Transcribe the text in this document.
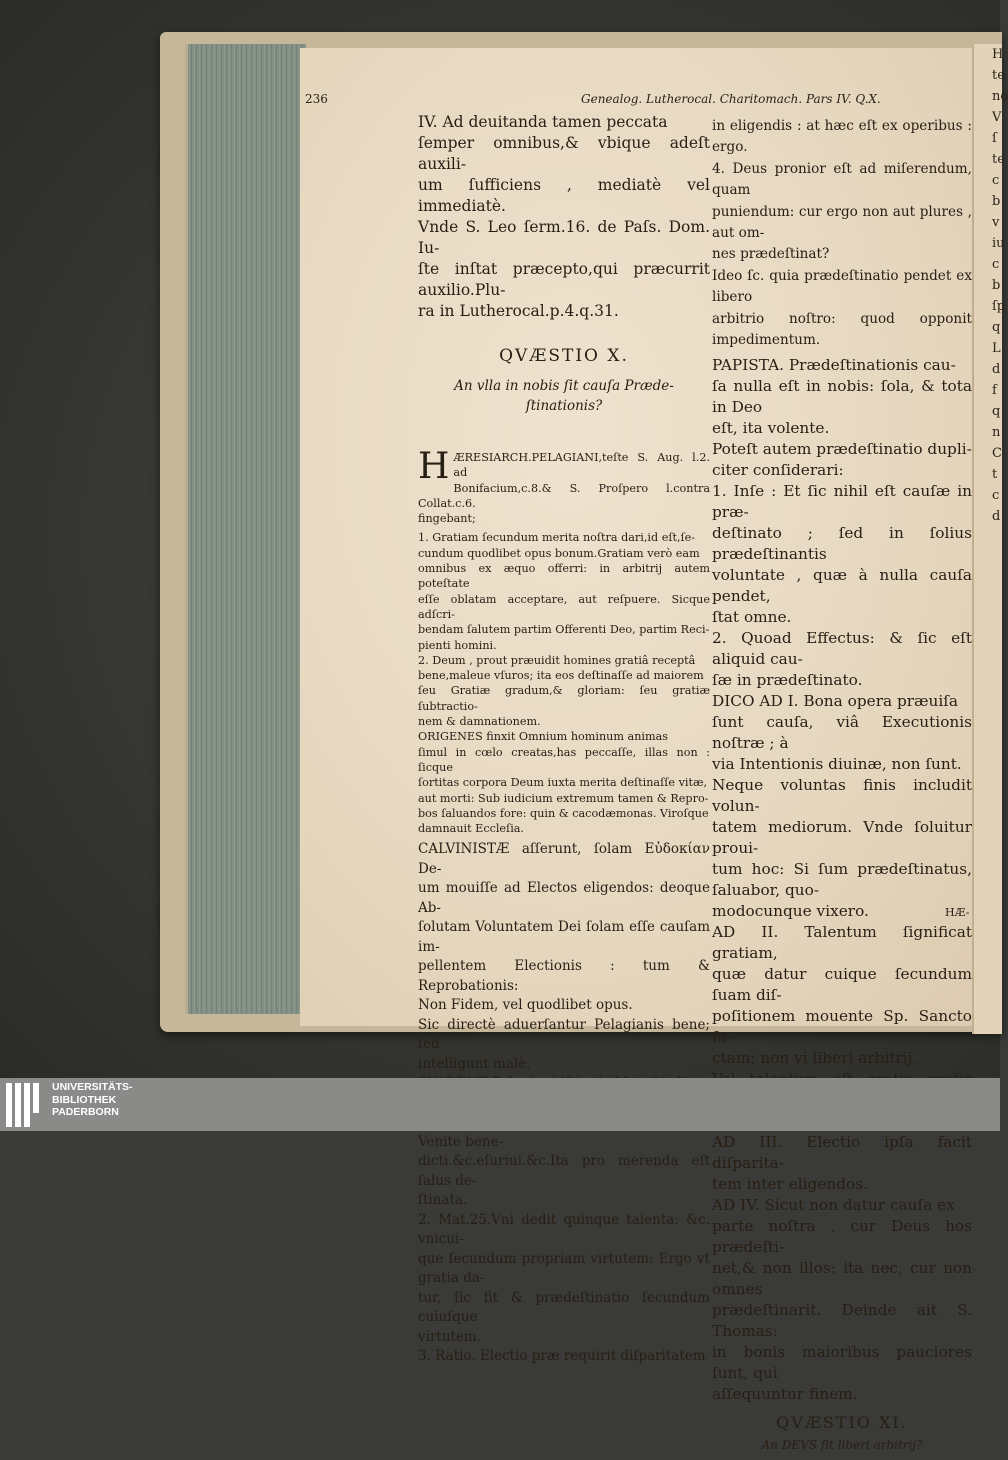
H
te
no
V
ſ
te
c
b
v
iu
c
b
ſp
q
L
d
f
q
n
C
t
c
d
236	Genealog. Lutherocal. Charitomach. Pars IV. Q.X.
IV. Ad deuitanda tamen peccata
ſemper omnibus,& vbique adeſt auxili-
um ſufficiens , mediatè vel immediatè.
Vnde S. Leo ſerm.16. de Paſs. Dom. Iu-
ſte inſtat præcepto,qui præcurrit auxilio.Plu-
ra in Lutherocal.p.4.q.31.
QVÆSTIO X.
An vlla in nobis ſit cauſa Præde-
ſtinationis?
H ÆRESIARCH.PELAGIANI,teſte S. Aug. l.2. ad
Bonifacium,c.8.& S. Proſpero l.contra Collat.c.6.
fingebant;
1. Gratiam ſecundum merita noſtra dari,id eſt,ſe-
cundum quodlibet opus bonum.Gratiam verò eam
omnibus ex æquo offerri: in arbitrij autem poteſtate
eſſe oblatam acceptare, aut reſpuere. Sicque adſcri-
bendam ſalutem partim Offerenti Deo, partim Reci-
pienti homini.
2. Deum , prout præuidit homines gratiâ receptâ
bene,maleue vſuros; ita eos deſtinaſſe ad maiorem
ſeu Gratiæ gradum,& gloriam: ſeu gratiæ ſubtractio-
nem & damnationem.
ORIGENES finxit Omnium hominum animas
ſimul in cœlo creatas,has peccaſſe, illas non : ſicque
ſortitas corpora Deum iuxta merita deſtinaſſe vitæ,
aut morti: Sub iudicium extremum tamen & Repro-
bos ſaluandos fore: quin & cacodæmonas. Viroſque
damnauit Eccleſia.
CALVINISTÆ aſſerunt, ſolam Εὐδοκίαν De-
um mouiſſe ad Electos eligendos: deoque Ab-
ſolutam Voluntatem Dei ſolam eſſe cauſam im-
pellentem Electionis : tum & Reprobationis:
Non Fidem, vel quodlibet opus.
Sic directè aduerſantur Pelagianis bene; ſed
intelligunt malè.
Venite bene-
dicti.&c.eſuriui.&c.Ita pro merenda eſt ſalus de-
ſtinata.
2. Mat.25.Vni dedit quinque talenta: &c. vnicui-
que ſecundum propriam virtutem: Ergo vt gratia da-
tur, ſic fit & prædeſtinatio ſecundum cuiuſque
virtutem.
3. Ratio. Electio præ requirit diſparitatem
in eligendis : at hæc eſt ex operibus : ergo.
4. Deus pronior eſt ad miſerendum, quam
puniendum: cur ergo non aut plures , aut om-
nes prædeſtinat?
Ideo ſc. quia prædeſtinatio pendet ex libero
arbitrio noſtro: quod opponit impedimentum.
PAPISTA. Prædeſtinationis cau-
ſa nulla eſt in nobis: ſola, & tota in Deo
eſt, ita volente.
Poteſt autem prædeſtinatio dupli-
citer conſiderari:
1. Inſe : Et ſic nihil eſt cauſæ in præ-
deſtinato ; ſed in ſolius prædeſtinantis
voluntate , quæ à nulla cauſa pendet,
ſtat omne.
2. Quoad Effectus: & ſic eſt aliquid cau-
ſæ in prædeſtinato.
DICO AD I. Bona opera præuiſa
ſunt cauſa, viâ Executionis noſtræ ; à
via Intentionis diuinæ, non ſunt.
Neque voluntas finis includit volun-
tatem mediorum. Vnde ſoluitur proui-
tum hoc: Si ſum prædeſtinatus, ſaluabor, quo-
modocunque vixero.
AD II. Talentum ſignificat gratiam,
quæ datur cuique ſecundum ſuam diſ-
poſitionem mouente Sp. Sancto fa-
ctam; non vi liberi arbitrij.
AD III. Electio ipſa facit diſparita-
tem inter eligendos.
AD IV. Sicut non datur cauſa ex
parte noſtra , cur Deus hos prædeſti-
net,& non illos: ita nec, cur non omnes
prædeſtinarit. Deinde ait S. Thomas:
in bonis maioribus pauciores ſunt, qui
aſſequuntur finem.
QVÆSTIO XI.
An DEVS ſit liberi arbitrij?
HÆ-
UNIVERSITÄTS-
BIBLIOTHEK
PADERBORN
